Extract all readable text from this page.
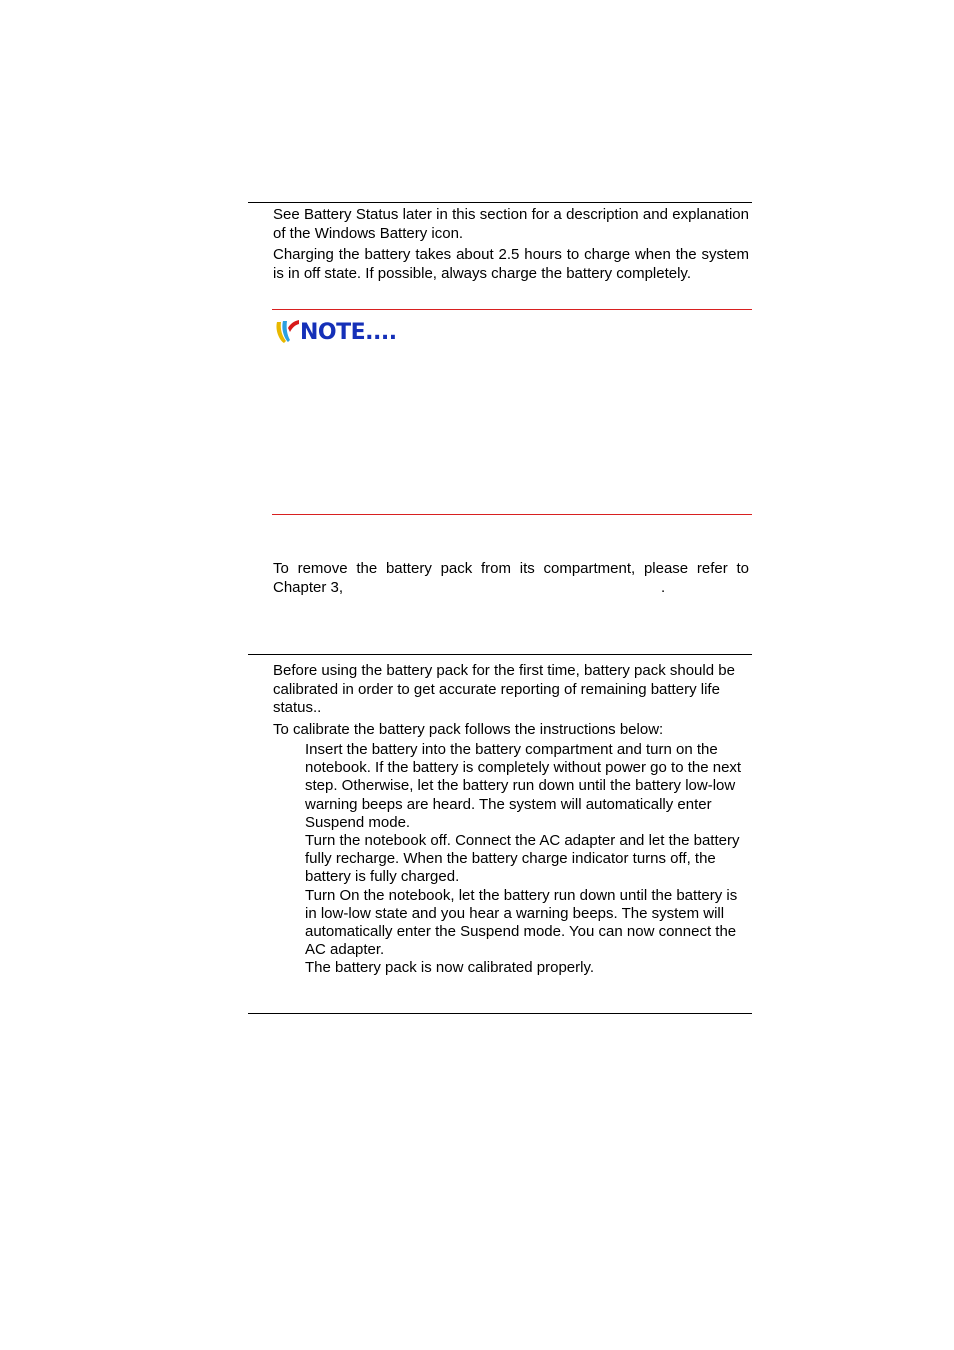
See Battery Status later in this section for a description and explanation of the Windows Battery icon.

Charging the battery takes about 2.5 hours to charge when the system is in off state. If possible, always charge the battery completely.

NOTE....

To remove the battery pack from its compartment, please refer to Chapter 3,	.

Before using the battery pack for the first time, battery pack should be calibrated in order to get accurate reporting of remaining battery life status..

To calibrate the battery pack follows the instructions below:

Insert the battery into the battery compartment and turn on the notebook. If the battery is completely without power go to the next step. Otherwise, let the battery run down until the battery low-low warning beeps are heard. The system will automatically enter Suspend mode.
Turn the notebook off. Connect the AC adapter and let the battery fully recharge. When the battery charge indicator turns off, the battery is fully charged.
Turn On the notebook, let the battery run down until the battery is in low-low state and you hear a warning beeps. The system will automatically enter the Suspend mode. You can now connect the AC adapter.
The battery pack is now calibrated properly.
